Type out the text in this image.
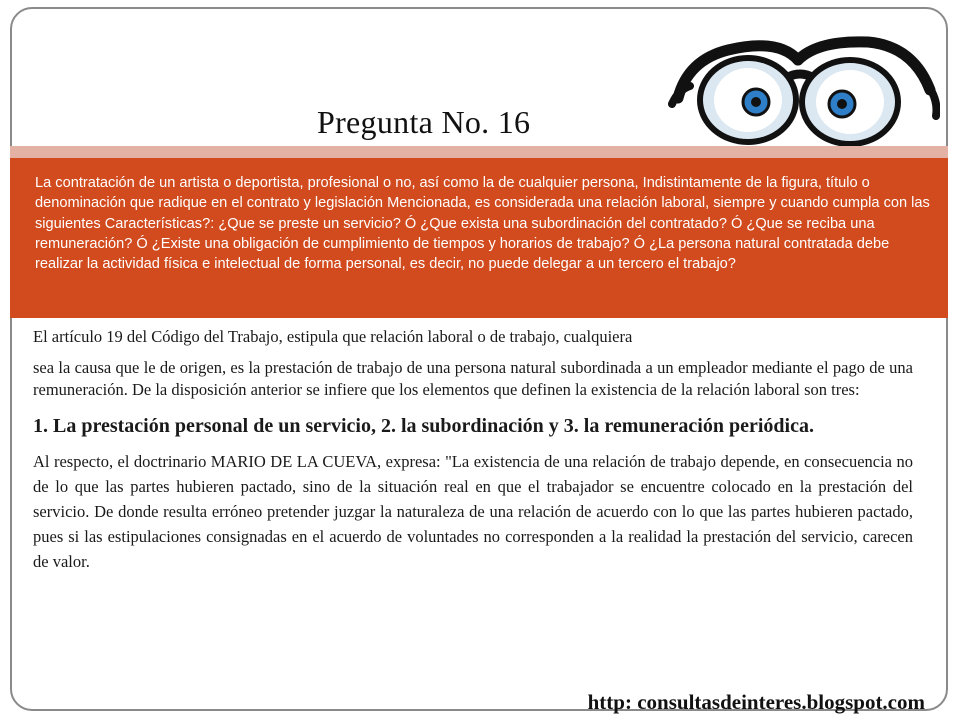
Pregunta No. 16
La contratación de un artista o deportista, profesional o no, así como la de cualquier persona, Indistintamente de la figura, título o denominación que radique en el contrato y legislación Mencionada, es considerada una relación laboral, siempre y cuando cumpla con las siguientes Características?: ¿Que se preste un servicio? Ó ¿Que exista una subordinación del contratado? Ó ¿Que se reciba una remuneración? Ó ¿Existe una obligación de cumplimiento de tiempos y horarios de trabajo? Ó ¿La persona natural contratada debe realizar la actividad física e intelectual de forma personal, es decir, no puede delegar a un tercero el trabajo?

El artículo 19 del Código del Trabajo, estipula que relación laboral o de trabajo, cualquiera

sea la causa que le de origen, es la prestación de trabajo de una persona natural subordinada a un empleador mediante el pago de una remuneración. De la disposición anterior se infiere que los elementos que definen la existencia de la relación laboral son tres:

1. La prestación personal de un servicio, 2. la subordinación y 3. la remuneración periódica.

Al respecto, el doctrinario MARIO DE LA CUEVA, expresa: "La existencia de una relación de trabajo depende, en consecuencia no de lo que las partes hubieren pactado, sino de la situación real en que el trabajador se encuentre colocado en la prestación del servicio. De donde resulta erróneo pretender juzgar la naturaleza de una relación de acuerdo con lo que las partes hubieren pactado, pues si las estipulaciones consignadas en el acuerdo de voluntades no corresponden a la realidad la prestación del servicio, carecen de valor.

http: consultasdeinteres.blogspot.com
